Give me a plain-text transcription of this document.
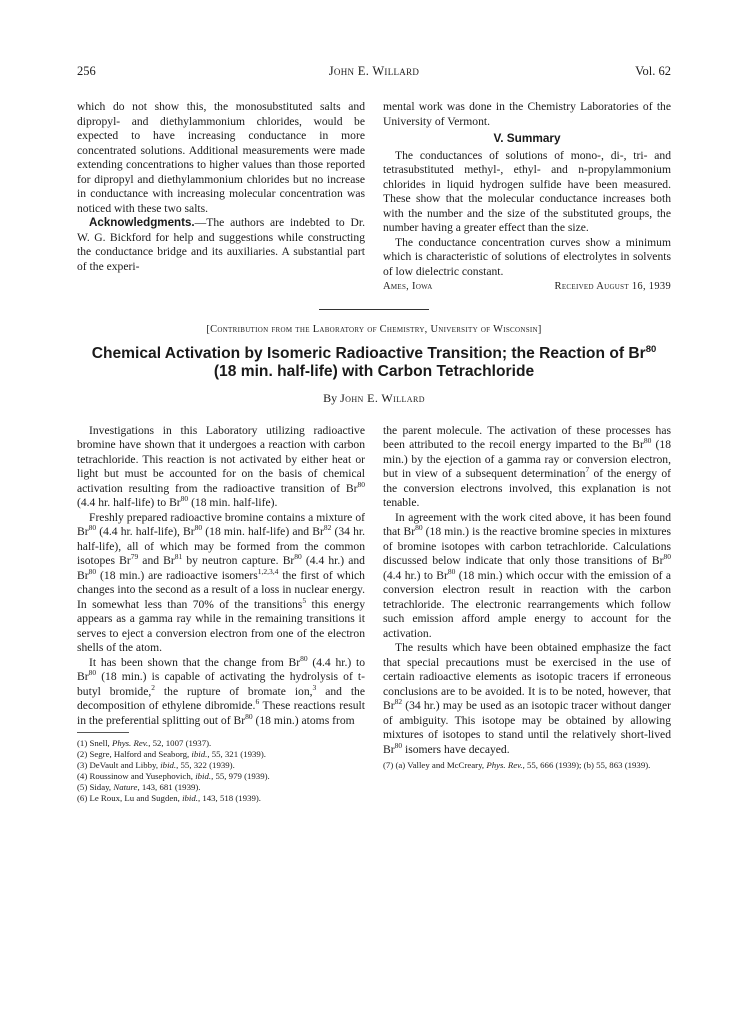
256	John E. Willard	Vol. 62

which do not show this, the monosubstituted salts and dipropyl- and diethylammonium chlorides, would be expected to have increasing conductance in more concentrated solutions. Additional measurements were made extending concentrations to higher values than those reported for dipropyl and diethylammonium chlorides but no increase in conductance with increasing molecular concentration was noticed with these two salts.

Acknowledgments.—The authors are indebted to Dr. W. G. Bickford for help and suggestions while constructing the conductance bridge and its auxiliaries. A substantial part of the experi-

mental work was done in the Chemistry Laboratories of the University of Vermont.

V. Summary

The conductances of solutions of mono-, di-, tri- and tetrasubstituted methyl-, ethyl- and n-propylammonium chlorides in liquid hydrogen sulfide have been measured. These show that the molecular conductance increases both with the number and the size of the substituted groups, the number having a greater effect than the size.

The conductance concentration curves show a minimum which is characteristic of solutions of electrolytes in solvents of low dielectric constant.

Ames, Iowa	Received August 16, 1939
[Contribution from the Laboratory of Chemistry, University of Wisconsin]
Chemical Activation by Isomeric Radioactive Transition; the Reaction of Br$^{80}$
(18 min. half-life) with Carbon Tetrachloride
By John E. Willard

Investigations in this Laboratory utilizing radioactive bromine have shown that it undergoes a reaction with carbon tetrachloride. This reaction is not activated by either heat or light but must be accounted for on the basis of chemical activation resulting from the radioactive transition of Br$^{80}$ (4.4 hr. half-life) to Br$^{80}$ (18 min. half-life).

Freshly prepared radioactive bromine contains a mixture of Br$^{80}$ (4.4 hr. half-life), Br$^{80}$ (18 min. half-life) and Br$^{82}$ (34 hr. half-life), all of which may be formed from the common isotopes Br$^{79}$ and Br$^{81}$ by neutron capture. Br$^{80}$ (4.4 hr.) and Br$^{80}$ (18 min.) are radioactive isomers$^{1,2,3,4}$ the first of which changes into the second as a result of a loss in nuclear energy. In somewhat less than 70% of the transitions$^5$ this energy appears as a gamma ray while in the remaining transitions it serves to eject a conversion electron from one of the electron shells of the atom.

It has been shown that the change from Br$^{80}$ (4.4 hr.) to Br$^{80}$ (18 min.) is capable of activating the hydrolysis of t-butyl bromide,$^2$ the rupture of bromate ion,$^3$ and the decomposition of ethylene dibromide.$^6$ These reactions result in the preferential splitting out of Br$^{80}$ (18 min.) atoms from

(1) Snell, Phys. Rev., 52, 1007 (1937).
(2) Segre, Halford and Seaborg, ibid., 55, 321 (1939).
(3) DeVault and Libby, ibid., 55, 322 (1939).
(4) Roussinow and Yusephovich, ibid., 55, 979 (1939).
(5) Siday, Nature, 143, 681 (1939).
(6) Le Roux, Lu and Sugden, ibid., 143, 518 (1939).

the parent molecule. The activation of these processes has been attributed to the recoil energy imparted to the Br$^{80}$ (18 min.) by the ejection of a gamma ray or conversion electron, but in view of a subsequent determination$^7$ of the energy of the conversion electrons involved, this explanation is not tenable.

In agreement with the work cited above, it has been found that Br$^{80}$ (18 min.) is the reactive bromine species in mixtures of bromine isotopes with carbon tetrachloride. Calculations discussed below indicate that only those transitions of Br$^{80}$ (4.4 hr.) to Br$^{80}$ (18 min.) which occur with the emission of a conversion electron result in reaction with the carbon tetrachloride. The electronic rearrangements which follow such emission afford ample energy to account for the activation.

The results which have been obtained emphasize the fact that special precautions must be exercised in the use of certain radioactive elements as isotopic tracers if erroneous conclusions are to be avoided. It is to be noted, however, that Br$^{82}$ (34 hr.) may be used as an isotopic tracer without danger of ambiguity. This isotope may be obtained by allowing mixtures of isotopes to stand until the relatively short-lived Br$^{80}$ isomers have decayed.

(7) (a) Valley and McCreary, Phys. Rev., 55, 666 (1939); (b) 55, 863 (1939).
